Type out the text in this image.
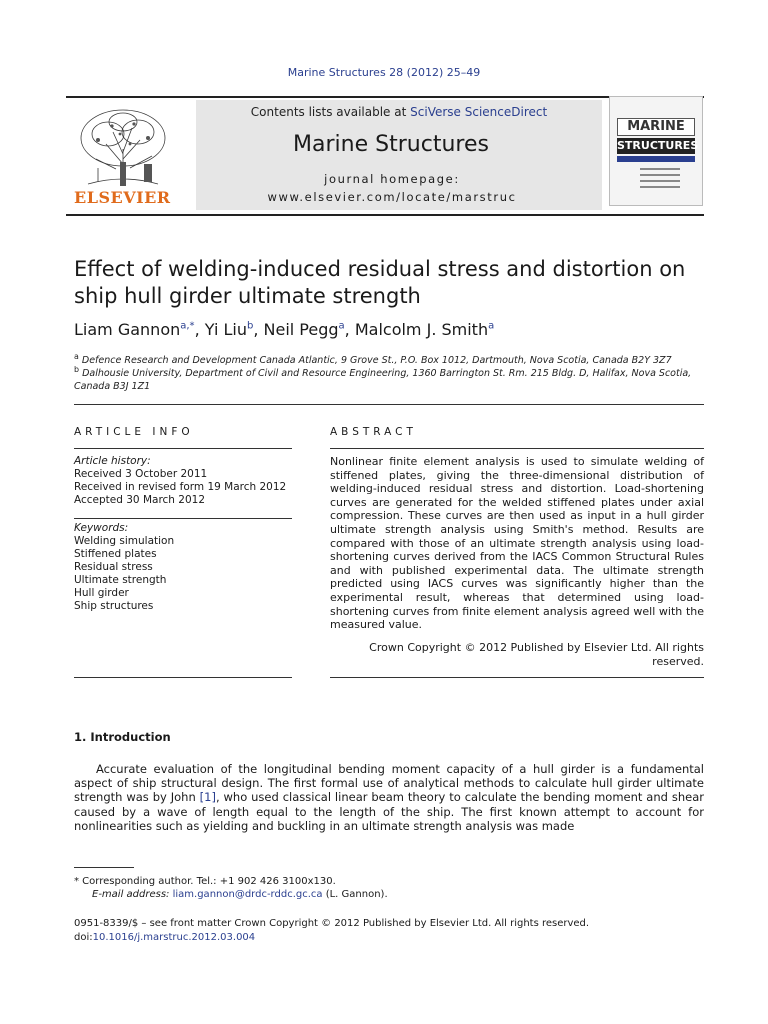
Marine Structures 28 (2012) 25–49
ELSEVIER
Contents lists available at SciVerse ScienceDirect
Marine Structures
journal homepage: www.elsevier.com/locate/marstruc
MARINE
STRUCTURES
Effect of welding-induced residual stress and distortion on ship hull girder ultimate strength
Liam Gannon$^{a,*}$, Yi Liu$^b$, Neil Pegg$^a$, Malcolm J. Smith$^a$
$^a$ Defence Research and Development Canada Atlantic, 9 Grove St., P.O. Box 1012, Dartmouth, Nova Scotia, Canada B2Y 3Z7
$^b$ Dalhousie University, Department of Civil and Resource Engineering, 1360 Barrington St. Rm. 215 Bldg. D, Halifax, Nova Scotia, Canada B3J 1Z1
ARTICLE INFO	ABSTRACT
Article history:
Received 3 October 2011
Received in revised form 19 March 2012
Accepted 30 March 2012
Keywords:
Welding simulation
Stiffened plates
Residual stress
Ultimate strength
Hull girder
Ship structures
Nonlinear finite element analysis is used to simulate welding of stiffened plates, giving the three-dimensional distribution of welding-induced residual stress and distortion. Load-shortening curves are generated for the welded stiffened plates under axial compression. These curves are then used as input in a hull girder ultimate strength analysis using Smith's method. Results are compared with those of an ultimate strength analysis using load-shortening curves derived from the IACS Common Structural Rules and with published experimental data. The ultimate strength predicted using IACS curves was significantly higher than the experimental result, whereas that determined using load-shortening curves from finite element analysis agreed well with the measured value.
Crown Copyright © 2012 Published by Elsevier Ltd. All rights reserved.
1. Introduction
Accurate evaluation of the longitudinal bending moment capacity of a hull girder is a fundamental aspect of ship structural design. The first formal use of analytical methods to calculate hull girder ultimate strength was by John [1], who used classical linear beam theory to calculate the bending moment and shear caused by a wave of length equal to the length of the ship. The first known attempt to account for nonlinearities such as yielding and buckling in an ultimate strength analysis was made
* Corresponding author. Tel.: +1 902 426 3100x130.
E-mail address: liam.gannon@drdc-rddc.gc.ca (L. Gannon).
0951-8339/$ – see front matter Crown Copyright © 2012 Published by Elsevier Ltd. All rights reserved.
doi:10.1016/j.marstruc.2012.03.004
